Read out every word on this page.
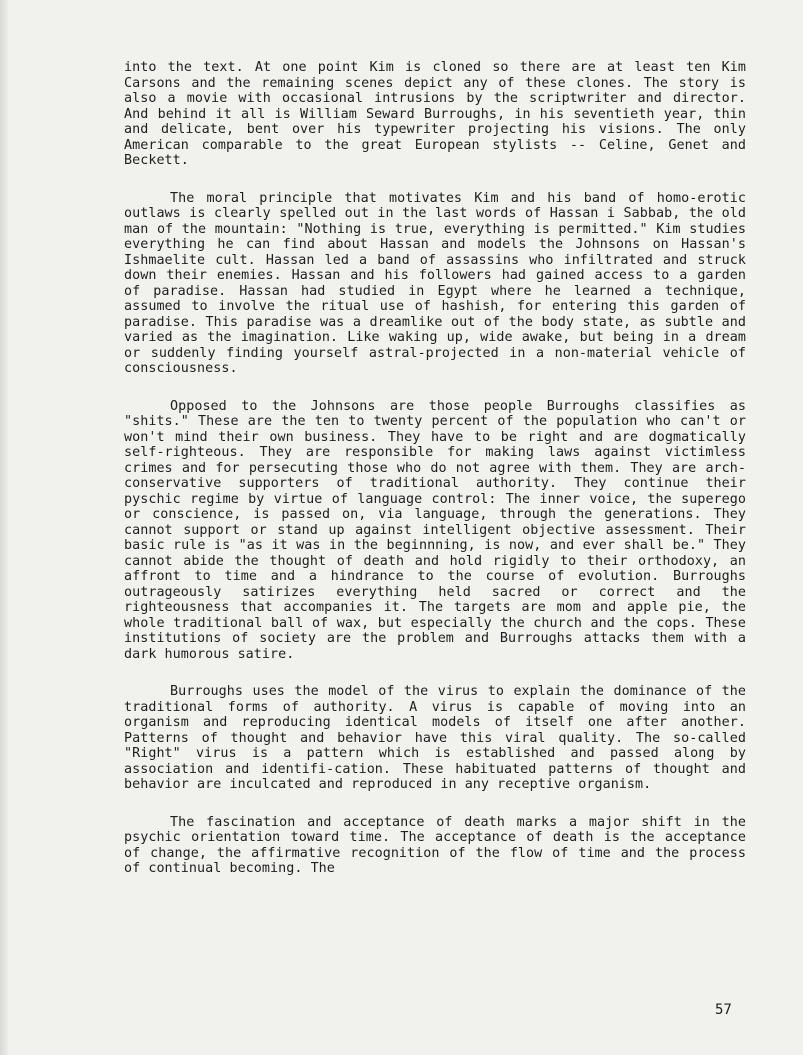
into the text. At one point Kim is cloned so there are at least ten Kim Carsons and the remaining scenes depict any of these clones. The story is also a movie with occasional intrusions by the scriptwriter and director. And behind it all is William Seward Burroughs, in his seventieth year, thin and delicate, bent over his typewriter projecting his visions. The only American comparable to the great European stylists -- Celine, Genet and Beckett.

The moral principle that motivates Kim and his band of homo-erotic outlaws is clearly spelled out in the last words of Hassan i Sabbab, the old man of the mountain: "Nothing is true, everything is permitted." Kim studies everything he can find about Hassan and models the Johnsons on Hassan's Ishmaelite cult. Hassan led a band of assassins who infiltrated and struck down their enemies. Hassan and his followers had gained access to a garden of paradise. Hassan had studied in Egypt where he learned a technique, assumed to involve the ritual use of hashish, for entering this garden of paradise. This paradise was a dreamlike out of the body state, as subtle and varied as the imagination. Like waking up, wide awake, but being in a dream or suddenly finding yourself astral-projected in a non-material vehicle of consciousness.

Opposed to the Johnsons are those people Burroughs classifies as "shits." These are the ten to twenty percent of the population who can't or won't mind their own business. They have to be right and are dogmatically self-righteous. They are responsible for making laws against victimless crimes and for persecuting those who do not agree with them. They are arch-conservative supporters of traditional authority. They continue their pyschic regime by virtue of language control: The inner voice, the superego or conscience, is passed on, via language, through the generations. They cannot support or stand up against intelligent objective assessment. Their basic rule is "as it was in the beginnning, is now, and ever shall be." They cannot abide the thought of death and hold rigidly to their orthodoxy, an affront to time and a hindrance to the course of evolution. Burroughs outrageously satirizes everything held sacred or correct and the righteousness that accompanies it. The targets are mom and apple pie, the whole traditional ball of wax, but especially the church and the cops. These institutions of society are the problem and Burroughs attacks them with a dark humorous satire.

Burroughs uses the model of the virus to explain the dominance of the traditional forms of authority. A virus is capable of moving into an organism and reproducing identical models of itself one after another. Patterns of thought and behavior have this viral quality. The so-called "Right" virus is a pattern which is established and passed along by association and identifi-cation. These habituated patterns of thought and behavior are inculcated and reproduced in any receptive organism.

The fascination and acceptance of death marks a major shift in the psychic orientation toward time. The acceptance of death is the acceptance of change, the affirmative recognition of the flow of time and the process of continual becoming. The

57
